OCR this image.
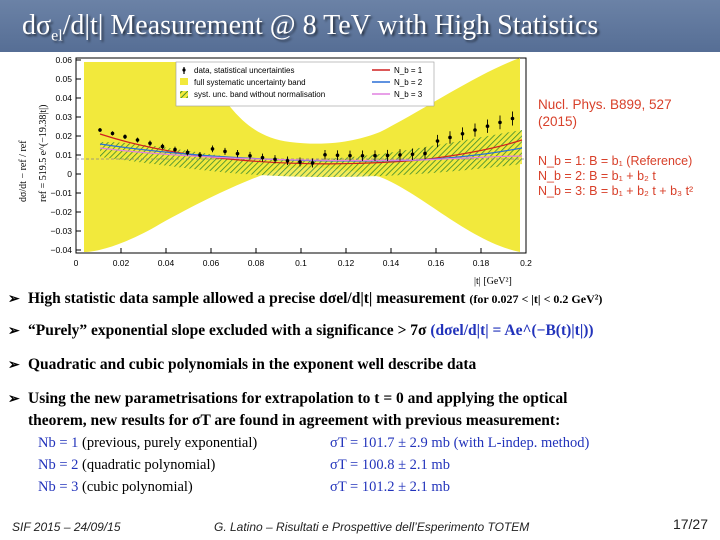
$d\sigma_{el}/d|t|$ Measurement @ 8 TeV with High Statistics
0.06
0.05
0.04
0.03
0.02
0.01
0
−0.01
−0.02
−0.03
−0.04
0	0.02	0.04	0.06	0.08	0.1	0.12	0.14	0.16	0.18	0.2
dσ/dt − ref / ref ref = 519.5 e^(−19.38|t|)
|t| [GeV²]
data, statistical uncertainties
full systematic uncertainty band
syst. unc. band without normalisation
N_b = 1
N_b = 2
N_b = 3
Nucl. Phys. B899, 527 (2015)
N_b = 1: B = b₁ (Reference)
N_b = 2: B = b₁ + b₂ t
N_b = 3: B = b₁ + b₂ t + b₃ t²
➢ High statistic data sample allowed a precise dσel/d|t| measurement (for 0.027 < |t| < 0.2 GeV²)
➢ “Purely” exponential slope excluded with a significance > 7σ (dσel/d|t| = Ae^(−B(t)|t|))
➢ Quadratic and cubic polynomials in the exponent well describe data
➢ Using the new parametrisations for extrapolation to t = 0 and applying the optical
theorem, new results for σT are found in agreement with previous measurement:
Nb = 1 (previous, purely exponential)	σT = 101.7 ± 2.9 mb (with L-indep. method)
Nb = 2 (quadratic polynomial)	σT = 100.8 ± 2.1 mb
Nb = 3 (cubic polynomial)	σT = 101.2 ± 2.1 mb
SIF 2015 – 24/09/15	G. Latino – Risultati e Prospettive dell’Esperimento TOTEM	17/27
